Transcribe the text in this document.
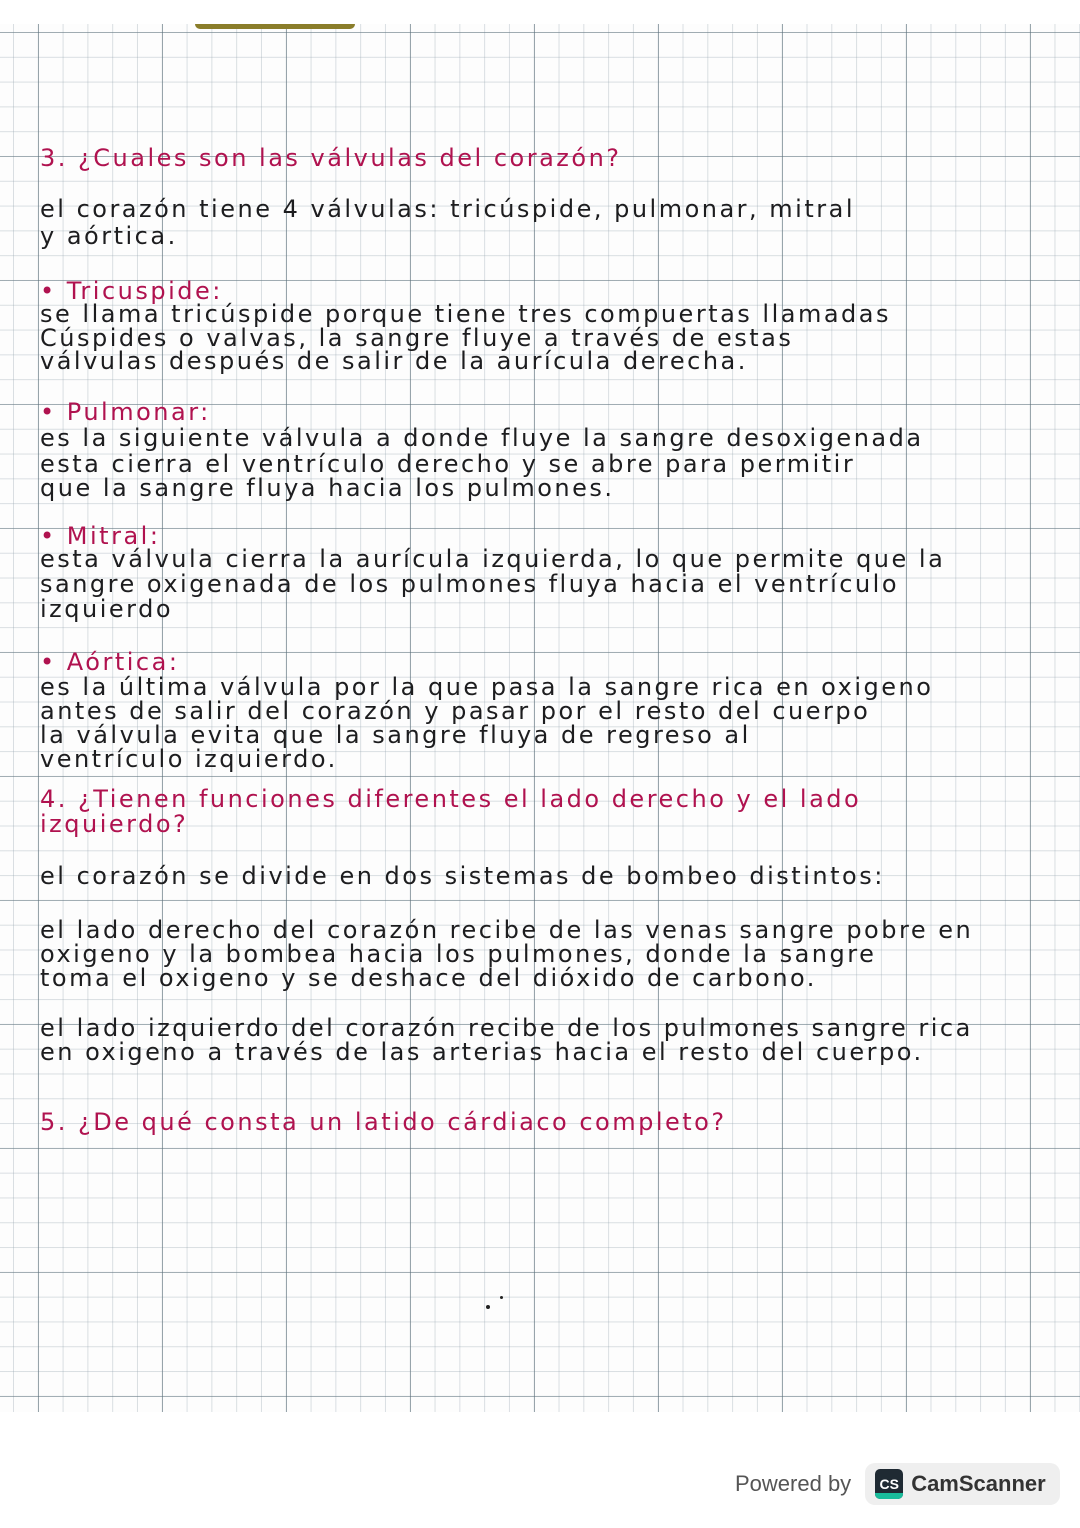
3. ¿Cuales son las válvulas del corazón?
el corazón tiene 4 válvulas: tricúspide, pulmonar, mitral
y aórtica.
• Tricuspide:
se llama tricúspide porque tiene tres compuertas llamadas
Cúspides o valvas, la sangre fluye a través de estas
válvulas después de salir de la aurícula derecha.
• Pulmonar:
es la siguiente válvula a donde fluye la sangre desoxigenada
esta cierra el ventrículo derecho y se abre para permitir
que la sangre fluya hacia los pulmones.
• Mitral:
esta válvula cierra la aurícula izquierda, lo que permite que la
sangre oxigenada de los pulmones fluya hacia el ventrículo
izquierdo
• Aórtica:
es la última válvula por la que pasa la sangre rica en oxigeno
antes de salir del corazón y pasar por el resto del cuerpo
la válvula evita que la sangre fluya de regreso al
ventrículo izquierdo.
4. ¿Tienen funciones diferentes el lado derecho y el lado
izquierdo?
el corazón se divide en dos sistemas de bombeo distintos:
el lado derecho del corazón recibe de las venas sangre pobre en
oxigeno y la bombea hacia los pulmones, donde la sangre
toma el oxigeno y se deshace del dióxido de carbono.
el lado izquierdo del corazón recibe de los pulmones sangre rica
en oxigeno a través de las arterias hacia el resto del cuerpo.
5. ¿De qué consta un latido cárdiaco completo?
Powered by CS CamScanner
